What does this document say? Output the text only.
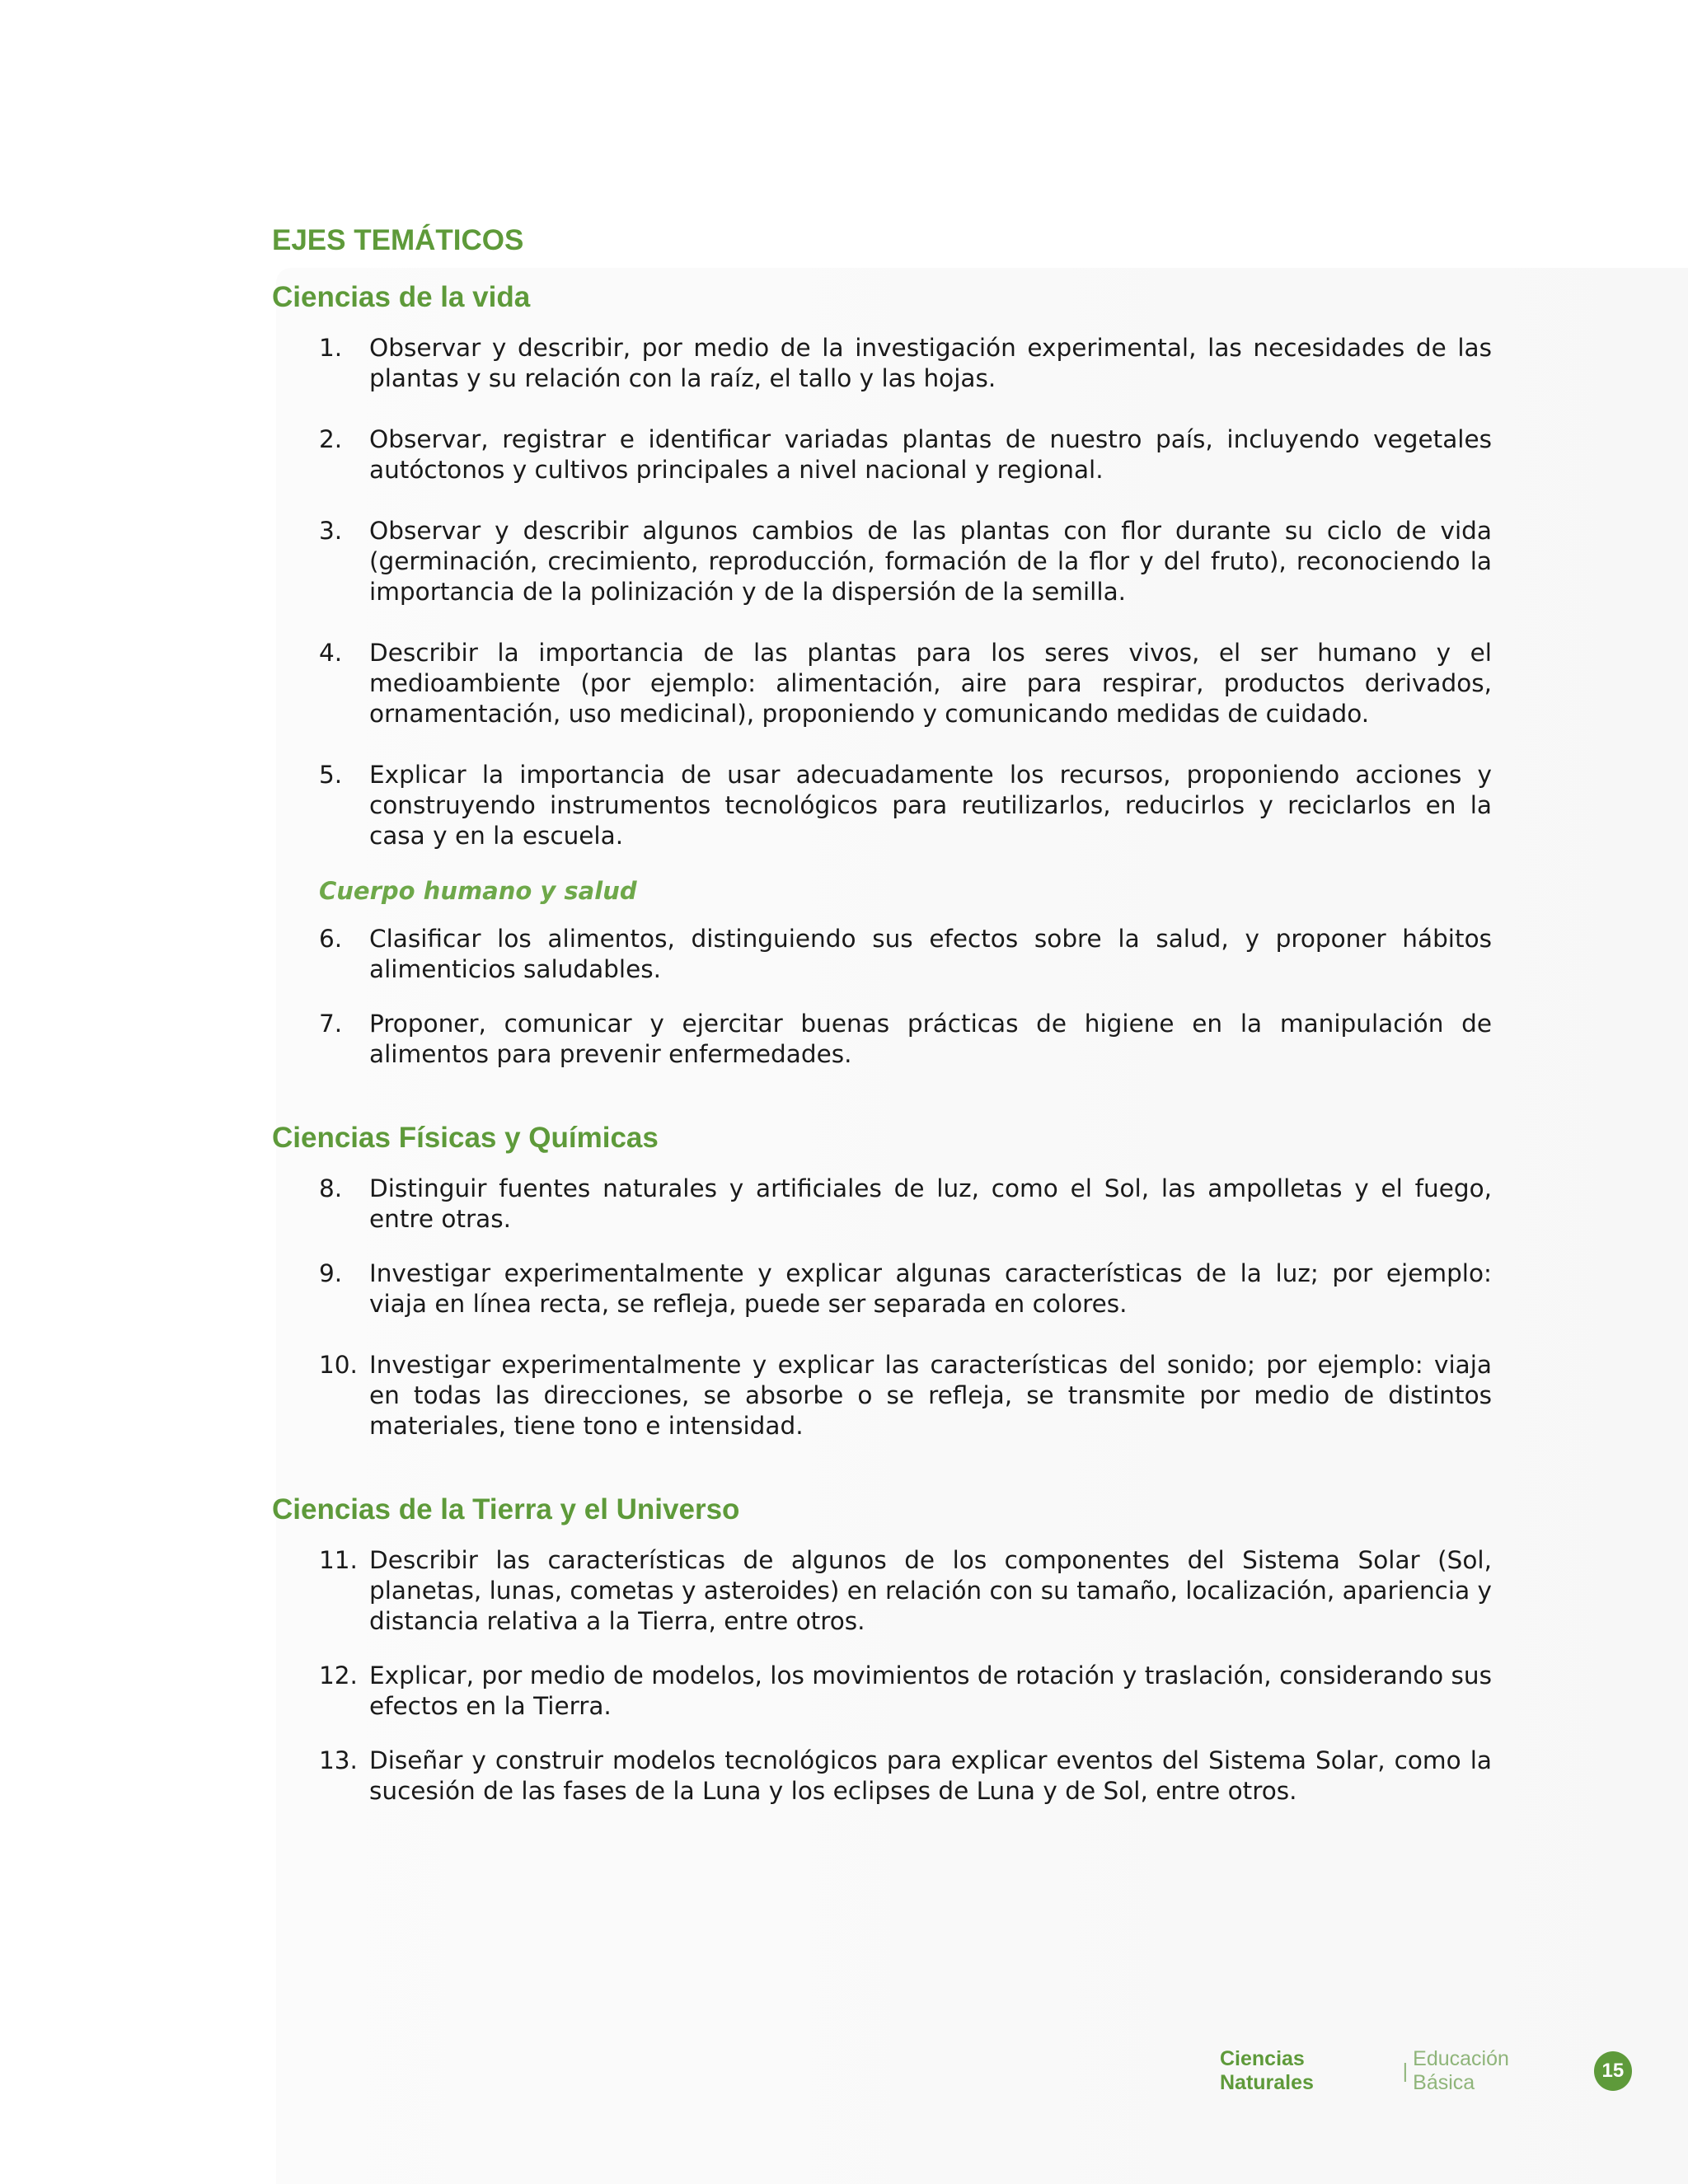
EJES TEMÁTICOS
Ciencias de la vida
1. Observar y describir, por medio de la investigación experimental, las necesidades de las plantas y su relación con la raíz, el tallo y las hojas.
2. Observar, registrar e identificar variadas plantas de nuestro país, incluyendo vegetales autóctonos y cultivos principales a nivel nacional y regional.
3. Observar y describir algunos cambios de las plantas con flor durante su ciclo de vida (germinación, crecimiento, reproducción, formación de la flor y del fruto), reconociendo la importancia de la polinización y de la dispersión de la semilla.
4. Describir la importancia de las plantas para los seres vivos, el ser humano y el medioambiente (por ejemplo: alimentación, aire para respirar, productos derivados, ornamentación, uso medicinal), proponiendo y comunicando medidas de cuidado.
5. Explicar la importancia de usar adecuadamente los recursos, proponiendo acciones y construyendo instrumentos tecnológicos para reutilizarlos, reducirlos y reciclarlos en la casa y en la escuela.
Cuerpo humano y salud
6. Clasificar los alimentos, distinguiendo sus efectos sobre la salud, y proponer hábitos alimenticios saludables.
7. Proponer, comunicar y ejercitar buenas prácticas de higiene en la manipulación de alimentos para prevenir enfermedades.
Ciencias Físicas y Químicas
8. Distinguir fuentes naturales y artificiales de luz, como el Sol, las ampolletas y el fuego, entre otras.
9. Investigar experimentalmente y explicar algunas características de la luz; por ejemplo: viaja en línea recta, se refleja, puede ser separada en colores.
10. Investigar experimentalmente y explicar las características del sonido; por ejemplo: viaja en todas las direcciones, se absorbe o se refleja, se transmite por medio de distintos materiales, tiene tono e intensidad.
Ciencias de la Tierra y el Universo
11. Describir las características de algunos de los componentes del Sistema Solar (Sol, planetas, lunas, cometas y asteroides) en relación con su tamaño, localización, apariencia y distancia relativa a la Tierra, entre otros.
12. Explicar, por medio de modelos, los movimientos de rotación y traslación, considerando sus efectos en la Tierra.
13. Diseñar y construir modelos tecnológicos para explicar eventos del Sistema Solar, como la sucesión de las fases de la Luna y los eclipses de Luna y de Sol, entre otros.
Ciencias Naturales
|
Educación Básica
15
